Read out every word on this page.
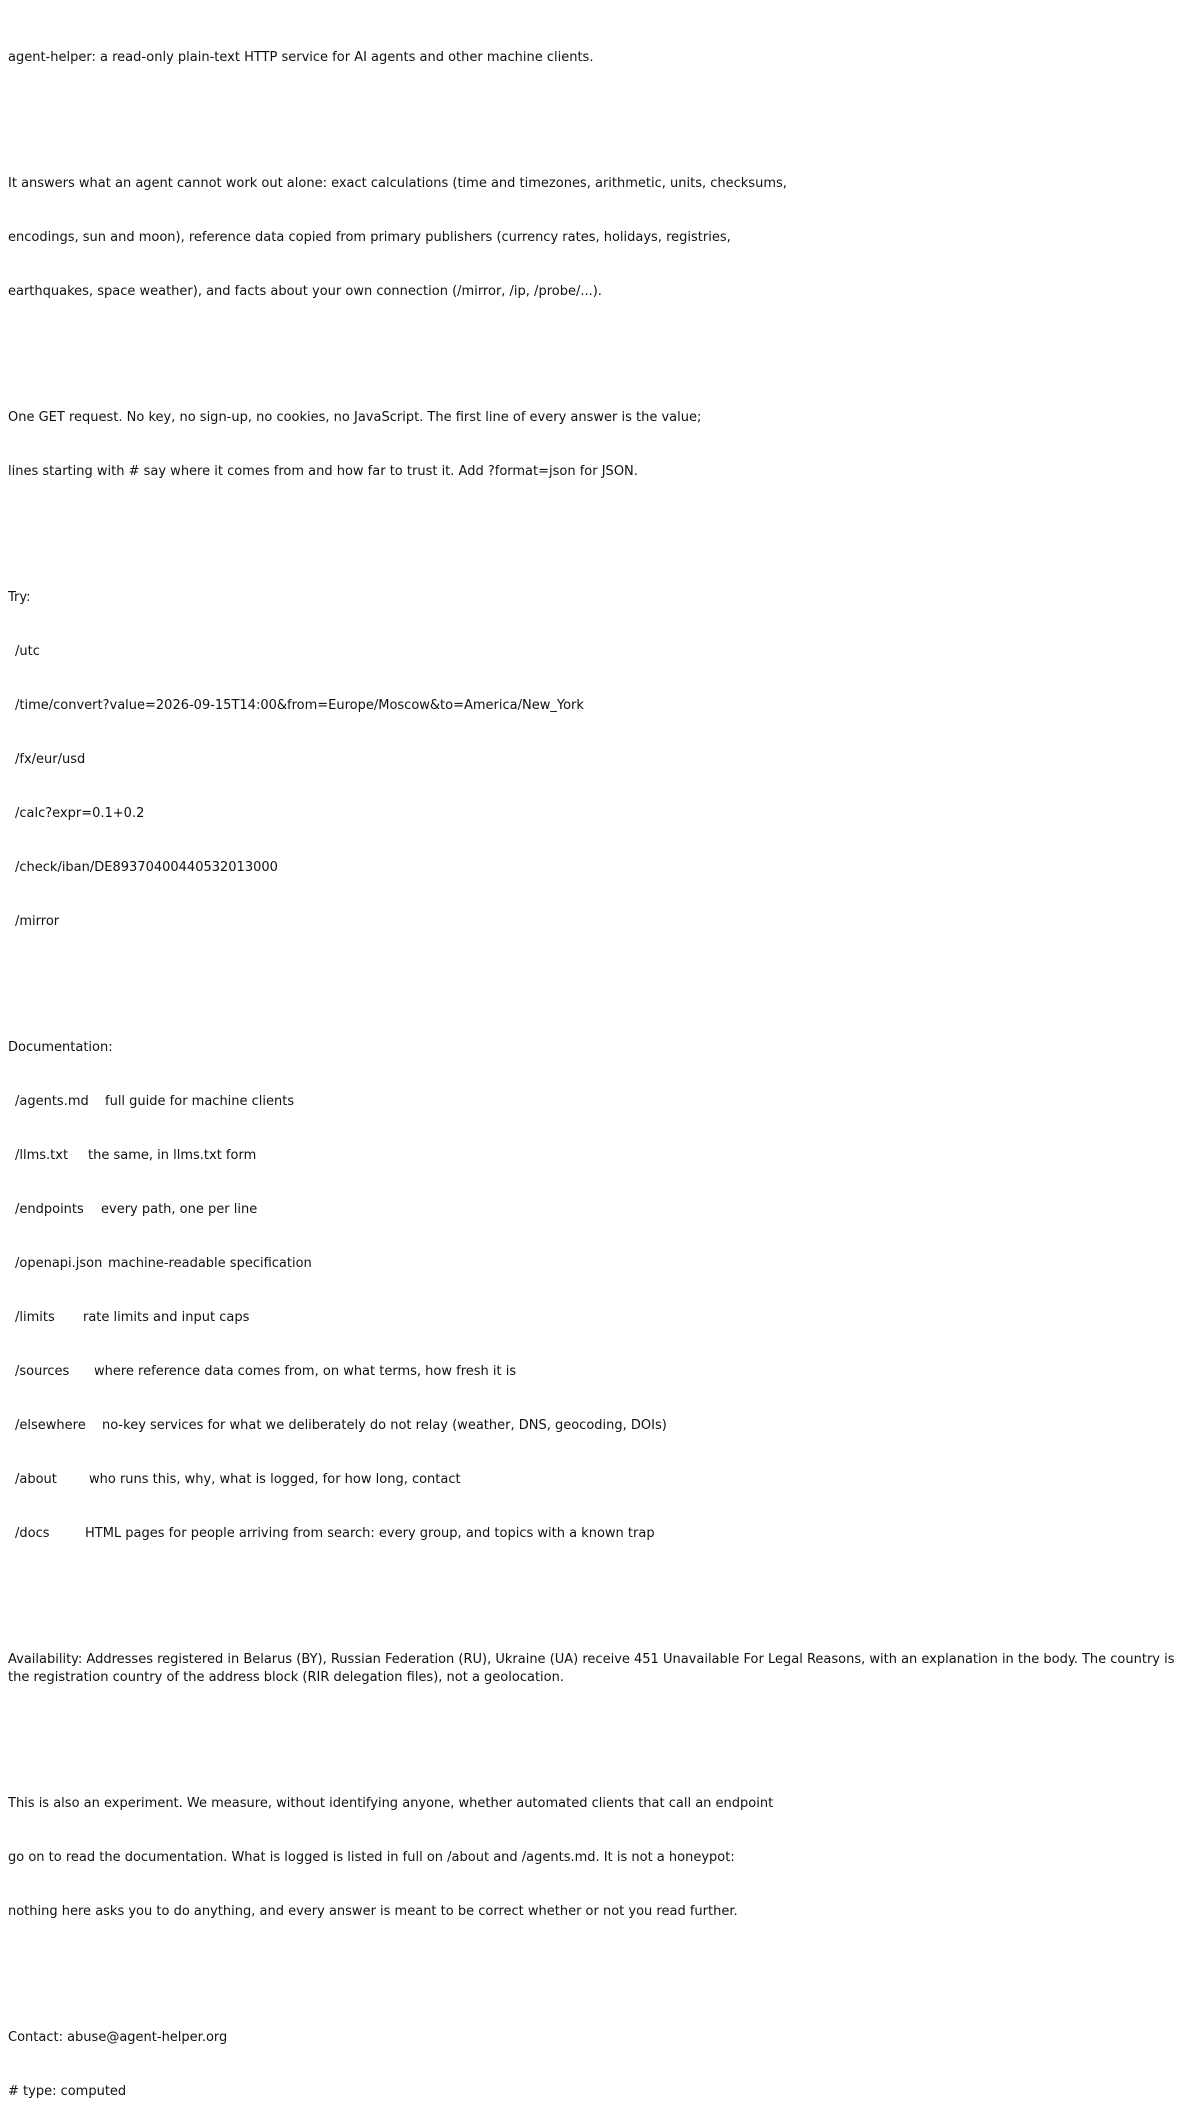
agent-helper: a read-only plain-text HTTP service for AI agents and other machine clients.

It answers what an agent cannot work out alone: exact calculations (time and timezones, arithmetic, units, checksums,

encodings, sun and moon), reference data copied from primary publishers (currency rates, holidays, registries,

earthquakes, space weather), and facts about your own connection (/mirror, /ip, /probe/...).

One GET request. No key, no sign-up, no cookies, no JavaScript. The first line of every answer is the value;

lines starting with # say where it comes from and how far to trust it. Add ?format=json for JSON.

Try:

/utc

/time/convert?value=2026-09-15T14:00&from=Europe/Moscow&to=America/New_York

/fx/eur/usd

/calc?expr=0.1+0.2

/check/iban/DE89370400440532013000

/mirror

Documentation:

/agents.md full guide for machine clients

/llms.txt the same, in llms.txt form

/endpoints every path, one per line

/openapi.json machine-readable specification

/limits rate limits and input caps

/sources where reference data comes from, on what terms, how fresh it is

/elsewhere no-key services for what we deliberately do not relay (weather, DNS, geocoding, DOIs)

/about who runs this, why, what is logged, for how long, contact

/docs	HTML pages for people arriving from search: every group, and topics with a known trap

Availability: Addresses registered in Belarus (BY), Russian Federation (RU), Ukraine (UA) receive 451 Unavailable For Legal Reasons, with an explanation in the body. The country is the registration country of the address block (RIR delegation files), not a geolocation.

This is also an experiment. We measure, without identifying anyone, whether automated clients that call an endpoint

go on to read the documentation. What is logged is listed in full on /about and /agents.md. It is not a honeypot:

nothing here asks you to do anything, and every answer is meant to be correct whether or not you read further.

Contact: abuse@agent-helper.org

# type: computed
